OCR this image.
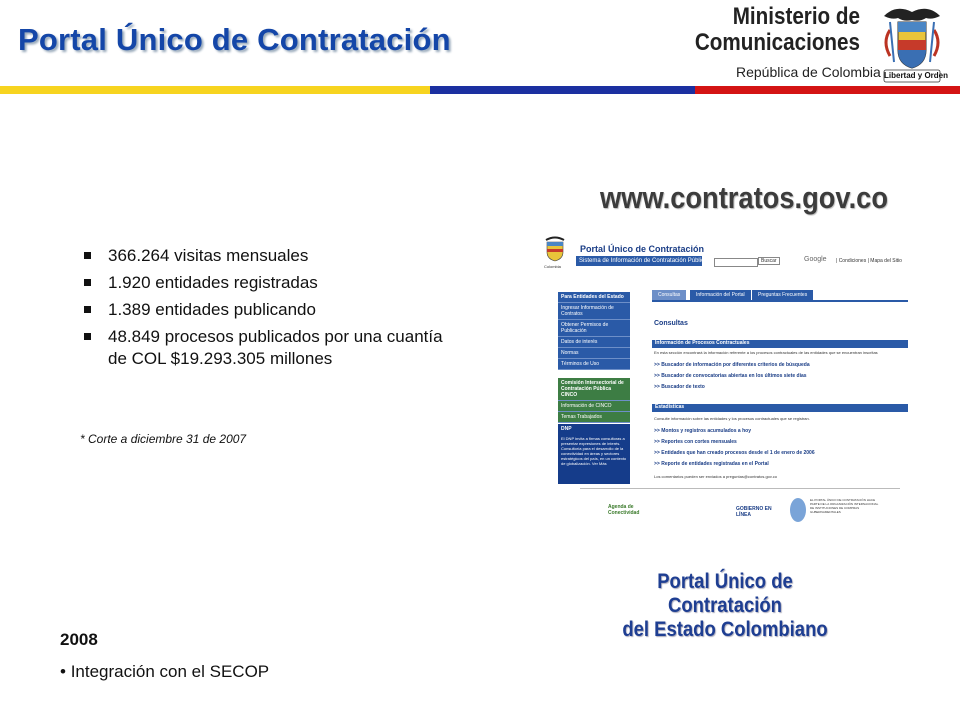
Portal Único de Contratación
Ministerio de
Comunicaciones
República de Colombia Libertad y Orden
366.264 visitas mensuales
1.920 entidades registradas
1.389 entidades publicando
48.849 procesos publicados por una cuantía de COL $19.293.305 millones
* Corte a diciembre 31 de 2007
2008
• Integración con el SECOP
www.contratos.gov.co
Colombia
Portal Único de Contratación
Sistema de Información de Contratación Pública	Buscar	Google | Condiciones | Mapa del Sitio
Para Entidades del Estado
Ingresar Información de Contratos
Obtener Permisos de Publicación
Datos de interés
Normas
Términos de Uso
Comisión Intersectorial de Contratación Pública CINCO
Información de CINCO
Temas Trabajados
DNP
El DNP invita a firmas consultoras a presentar expresiones de interés. Consultoría para el desarrollo de la conectividad en áreas y sectores estratégicos del país, en un contexto de globalización. Ver Más
Consultas	Información del Portal	Preguntas Frecuentes
Consultas
Información de Procesos Contractuales
En esta sección encontrará la información referente a los procesos contractuales de las entidades que se encuentran inscritas
>> Buscador de información por diferentes criterios de búsqueda
>> Buscador de convocatorias abiertas en los últimos siete días
>> Buscador de texto
Estadísticas
Consulte información sobre las entidades y los procesos contractuales que se registran.
>> Montos y registros acumulados a hoy
>> Reportes con cortes mensuales
>> Entidades que han creado procesos desde el 1 de enero de 2006
>> Reporte de entidades registradas en el Portal
Los comentarios pueden ser enviados a preguntas@contratos.gov.co
Agenda de Conectividad
GOBIERNO EN LÍNEA
EL PORTAL ÚNICO DE CONTRATACIÓN HACE PARTE DE LA ORGANIZACIÓN INTERNACIONAL DE INSTITUCIONES DE COMPRAS GUBERNAMENTALES
Portal Único de Contratación
del Estado Colombiano
